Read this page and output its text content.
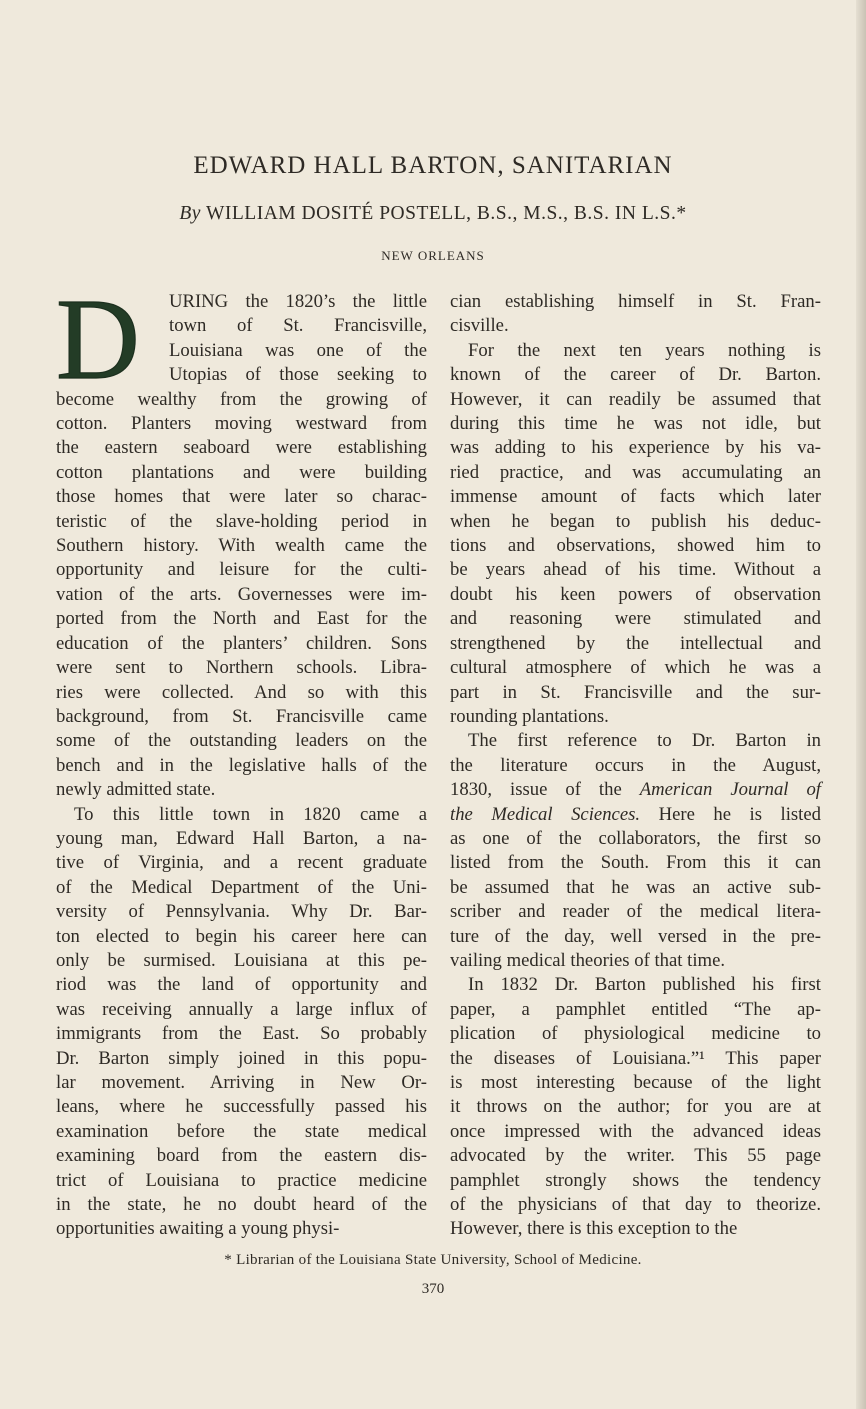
EDWARD HALL BARTON, SANITARIAN
By WILLIAM DOSITÉ POSTELL, B.S., M.S., B.S. IN L.S.*
NEW ORLEANS
D	URING the 1820’s the little
town of St. Francisville,
Louisiana was one of the
Utopias of those seeking to
become wealthy from the growing of
cotton. Planters moving westward from
the eastern seaboard were establishing
cotton plantations and were building
those homes that were later so charac-
teristic of the slave-holding period in
Southern history. With wealth came the
opportunity and leisure for the culti-
vation of the arts. Governesses were im-
ported from the North and East for the
education of the planters’ children. Sons
were sent to Northern schools. Libra-
ries were collected. And so with this
background, from St. Francisville came
some of the outstanding leaders on the
bench and in the legislative halls of the
newly admitted state.
To this little town in 1820 came a
young man, Edward Hall Barton, a na-
tive of Virginia, and a recent graduate
of the Medical Department of the Uni-
versity of Pennsylvania. Why Dr. Bar-
ton elected to begin his career here can
only be surmised. Louisiana at this pe-
riod was the land of opportunity and
was receiving annually a large influx of
immigrants from the East. So probably
Dr. Barton simply joined in this popu-
lar movement. Arriving in New Or-
leans, where he successfully passed his
examination before the state medical
examining board from the eastern dis-
trict of Louisiana to practice medicine
in the state, he no doubt heard of the
opportunities awaiting a young physi-
cian establishing himself in St. Fran-
cisville.
For the next ten years nothing is
known of the career of Dr. Barton.
However, it can readily be assumed that
during this time he was not idle, but
was adding to his experience by his va-
ried practice, and was accumulating an
immense amount of facts which later
when he began to publish his deduc-
tions and observations, showed him to
be years ahead of his time. Without a
doubt his keen powers of observation
and reasoning were stimulated and
strengthened by the intellectual and
cultural atmosphere of which he was a
part in St. Francisville and the sur-
rounding plantations.
The first reference to Dr. Barton in
the literature occurs in the August,
1830, issue of the American Journal of
the Medical Sciences. Here he is listed
as one of the collaborators, the first so
listed from the South. From this it can
be assumed that he was an active sub-
scriber and reader of the medical litera-
ture of the day, well versed in the pre-
vailing medical theories of that time.
In 1832 Dr. Barton published his first
paper, a pamphlet entitled “The ap-
plication of physiological medicine to
the diseases of Louisiana.”¹ This paper
is most interesting because of the light
it throws on the author; for you are at
once impressed with the advanced ideas
advocated by the writer. This 55 page
pamphlet strongly shows the tendency
of the physicians of that day to theorize.
However, there is this exception to the
* Librarian of the Louisiana State University, School of Medicine.
370
